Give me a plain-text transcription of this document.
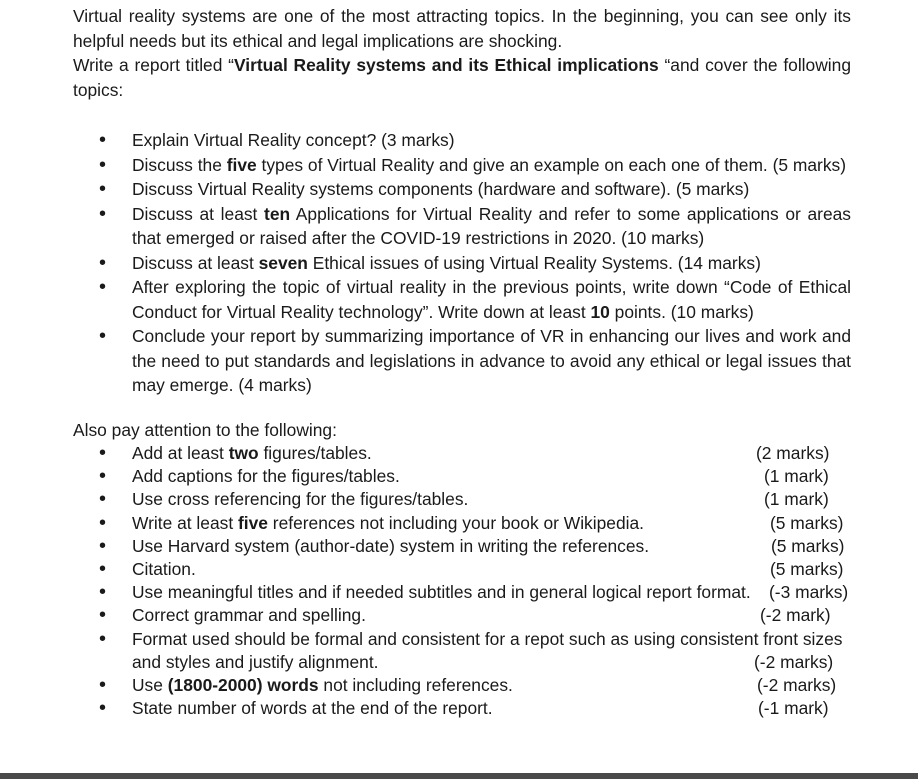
Virtual reality systems are one of the most attracting topics. In the beginning, you can see only its helpful needs but its ethical and legal implications are shocking.
Write a report titled “Virtual Reality systems and its Ethical implications “and cover the following topics:

• Explain Virtual Reality concept? (3 marks)
• Discuss the five types of Virtual Reality and give an example on each one of them. (5 marks)
• Discuss Virtual Reality systems components (hardware and software). (5 marks)
• Discuss at least ten Applications for Virtual Reality and refer to some applications or areas that emerged or raised after the COVID-19 restrictions in 2020. (10 marks)
• Discuss at least seven Ethical issues of using Virtual Reality Systems. (14 marks)
• After exploring the topic of virtual reality in the previous points, write down “Code of Ethical Conduct for Virtual Reality technology”. Write down at least 10 points. (10 marks)
• Conclude your report by summarizing importance of VR in enhancing our lives and work and the need to put standards and legislations in advance to avoid any ethical or legal issues that may emerge. (4 marks)

Also pay attention to the following:

• Add at least two figures/tables.	(2 marks)
• Add captions for the figures/tables.	(1 mark)
• Use cross referencing for the figures/tables.	(1 mark)
• Write at least five references not including your book or Wikipedia.	(5 marks)
• Use Harvard system (author-date) system in writing the references.	(5 marks)
• Citation.	(5 marks)
• Use meaningful titles and if needed subtitles and in general logical report format. (-3 marks)
• Correct grammar and spelling.	(-2 mark)
• Format used should be formal and consistent for a repot such as using consistent front sizes and styles and justify alignment.	(-2 marks)
• Use (1800-2000) words not including references.	(-2 marks)
• State number of words at the end of the report.	(-1 mark)
